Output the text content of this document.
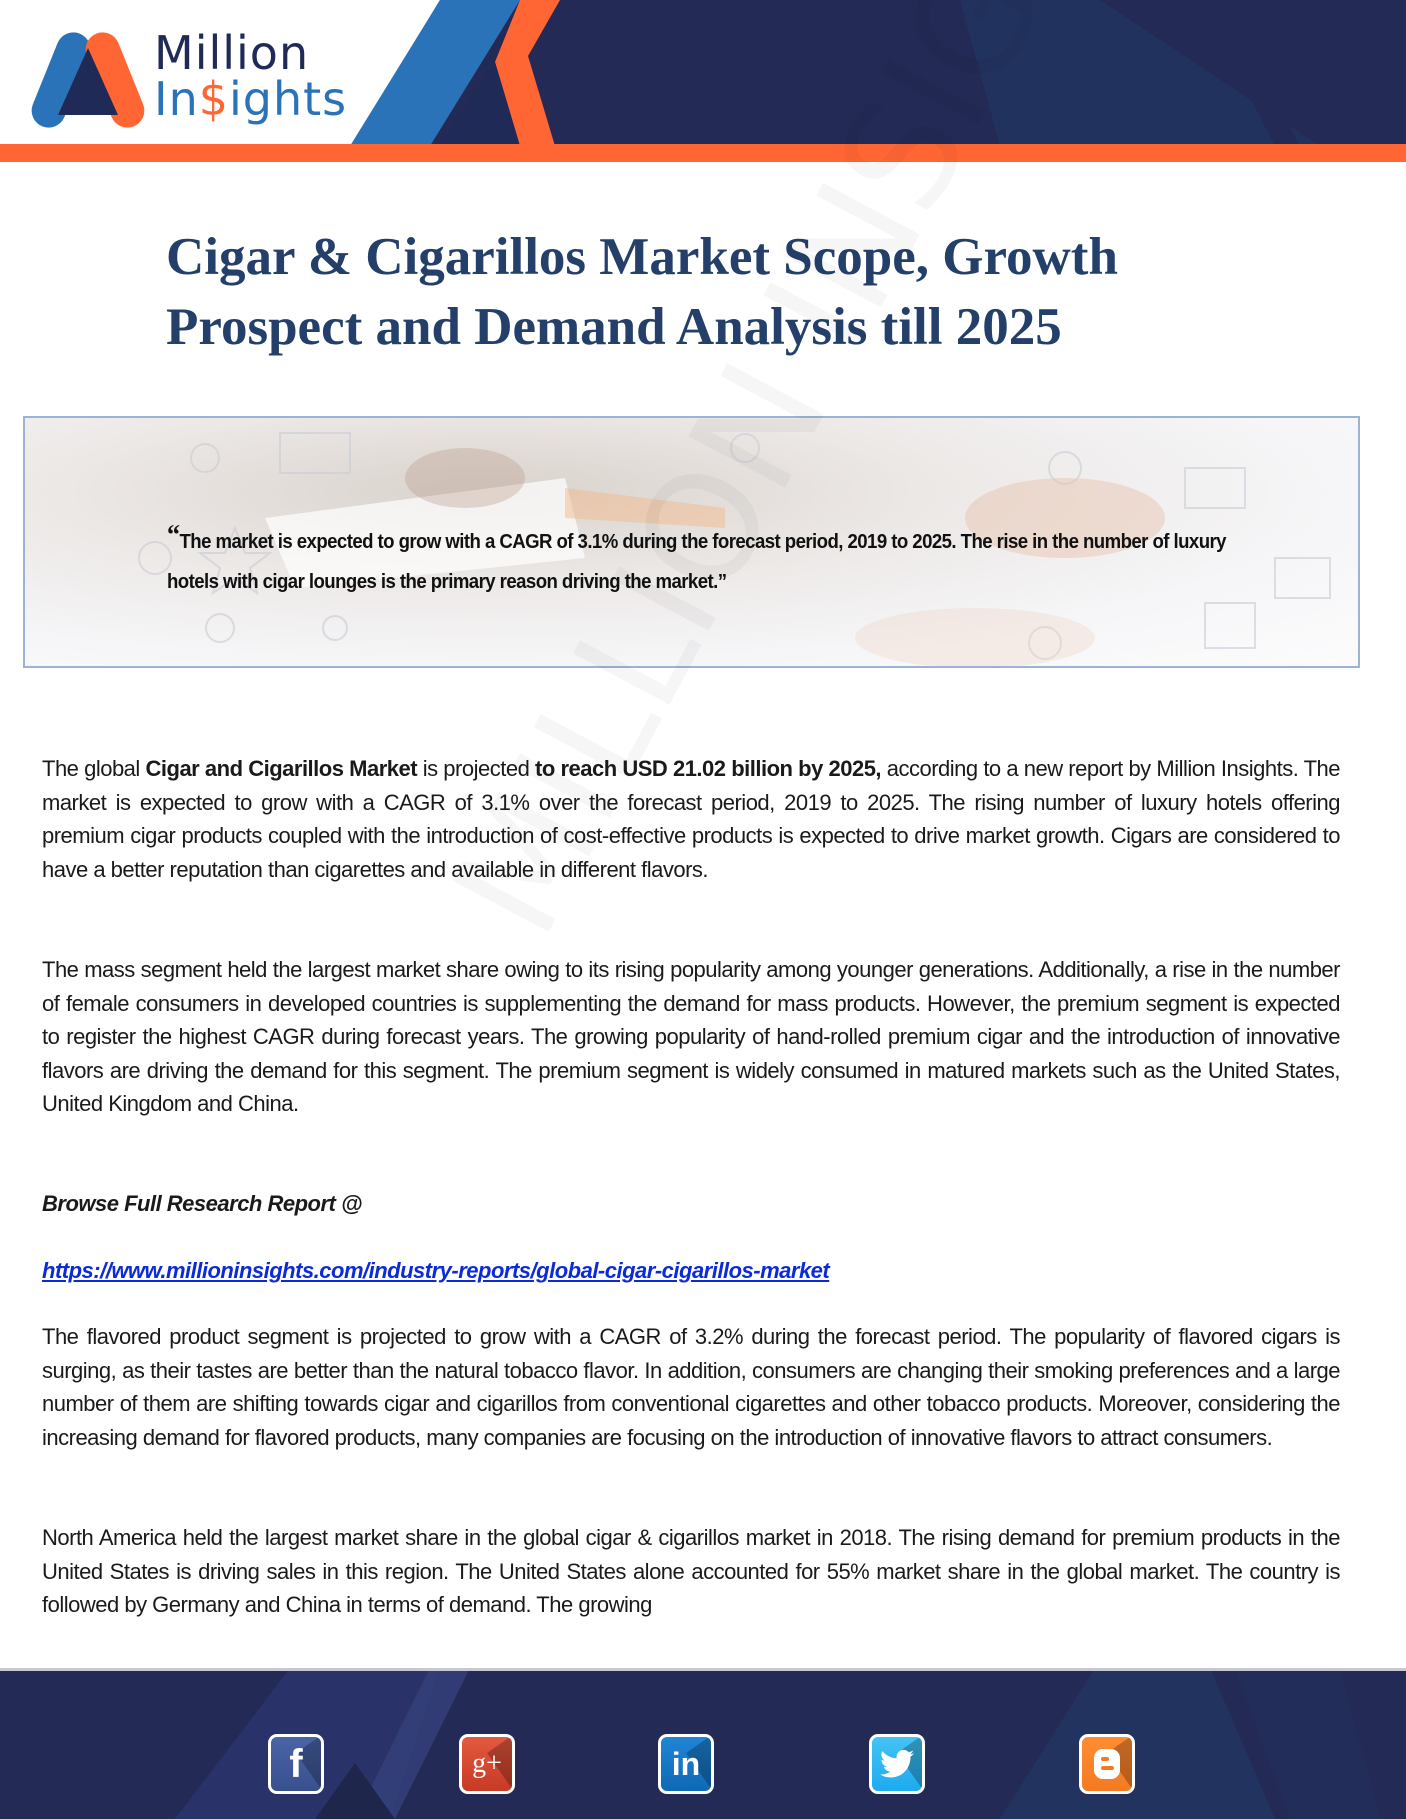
Million
In$ights
Cigar & Cigarillos Market Scope, Growth Prospect and Demand Analysis till 2025
“The market is expected to grow with a CAGR of 3.1% during the forecast period, 2019 to 2025. The rise in the number of luxury hotels with cigar lounges is the primary reason driving the market.”

The global Cigar and Cigarillos Market is projected to reach USD 21.02 billion by 2025, according to a new report by Million Insights. The market is expected to grow with a CAGR of 3.1% over the forecast period, 2019 to 2025. The rising number of luxury hotels offering premium cigar products coupled with the introduction of cost-effective products is expected to drive market growth. Cigars are considered to have a better reputation than cigarettes and available in different flavors.

The mass segment held the largest market share owing to its rising popularity among younger generations. Additionally, a rise in the number of female consumers in developed countries is supplementing the demand for mass products. However, the premium segment is expected to register the highest CAGR during forecast years. The growing popularity of hand-rolled premium cigar and the introduction of innovative flavors are driving the demand for this segment. The premium segment is widely consumed in matured markets such as the United States, United Kingdom and China.

Browse Full Research Report @

https://www.millioninsights.com/industry-reports/global-cigar-cigarillos-market

The flavored product segment is projected to grow with a CAGR of 3.2% during the forecast period. The popularity of flavored cigars is surging, as their tastes are better than the natural tobacco flavor. In addition, consumers are changing their smoking preferences and a large number of them are shifting towards cigar and cigarillos from conventional cigarettes and other tobacco products. Moreover, considering the increasing demand for flavored products, many companies are focusing on the introduction of innovative flavors to attract consumers.

North America held the largest market share in the global cigar & cigarillos market in 2018. The rising demand for premium products in the United States is driving sales in this region. The United States alone accounted for 55% market share in the global market. The country is followed by Germany and China in terms of demand. The growing

f	g+	in
